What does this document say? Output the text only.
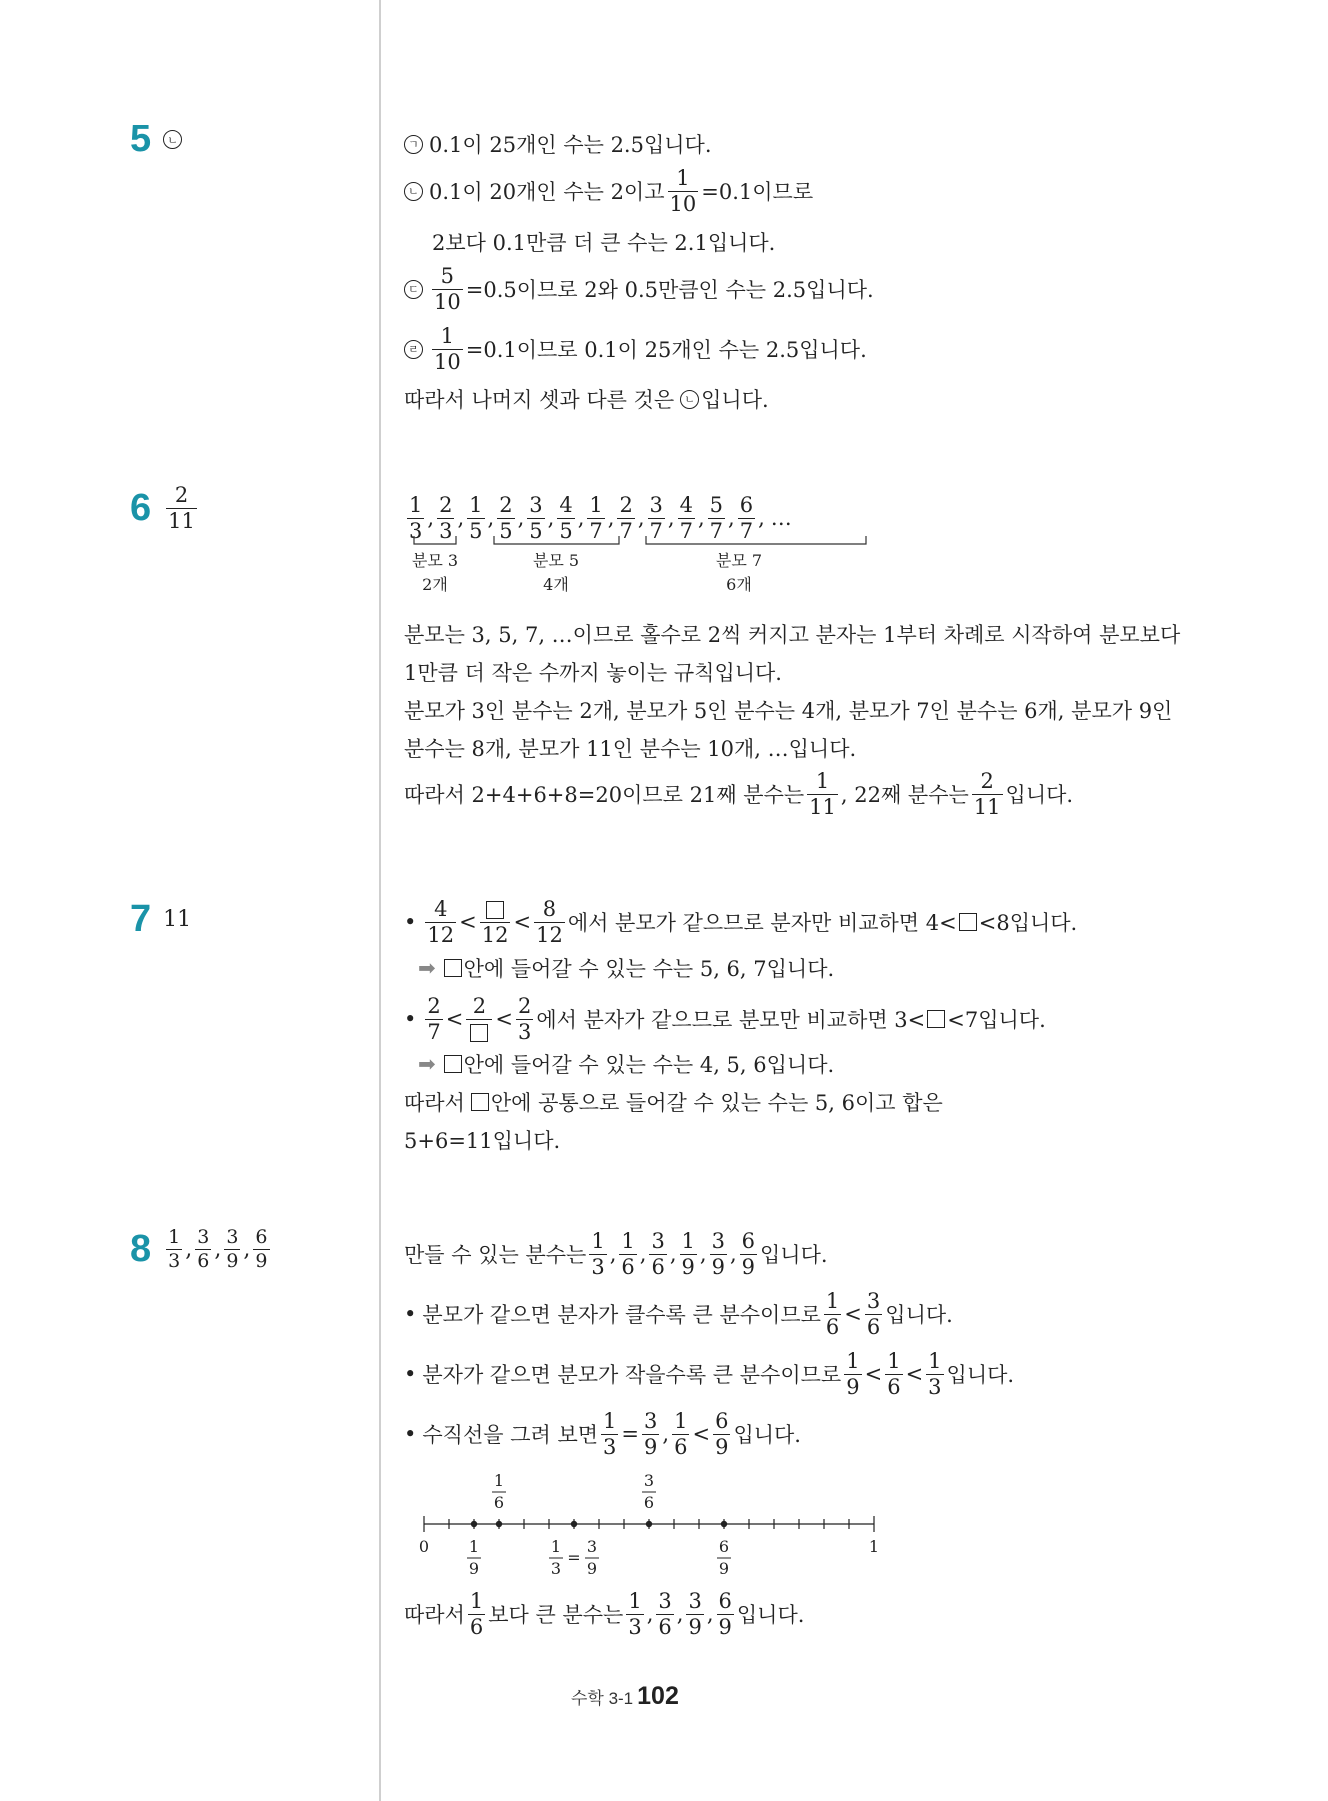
5	ㄴ	ㄱ 0.1이 25개인 수는 2.5입니다.
ㄴ 0.1이 20개인 수는 2이고 $\frac{1}{10} =0.1$이므로
2보다 0.1만큼 더 큰 수는 2.1입니다.
ㄷ $\frac{5}{10} =0.5$이므로 2와 0.5만큼인 수는 2.5입니다.
ㄹ $\frac{1}{10} =0.1$이므로 0.1이 25개인 수는 2.5입니다.
따라서 나머지 셋과 다른 것은 ㄴ 입니다.
$6 \frac{2}{11}$	$\frac{1}{3}$ , $\frac{2}{3}$ , $\frac{1}{5}$ , $\frac{2}{5}$ , $\frac{3}{5}$ , $\frac{4}{5}$ , $\frac{1}{7}$ , $\frac{2}{7}$ , $\frac{3}{7}$ , $\frac{4}{7}$ , $\frac{5}{7}$ , $\frac{6}{7}$ , …
분모 3
2개
분모 5
4개
분모 7
6개
분모는 3, 5, 7, …이므로 홀수로 2씩 커지고 분자는 1부터 차례로 시작하여 분모보다
1만큼 더 작은 수까지 놓이는 규칙입니다.
분모가 3인 분수는 2개, 분모가 5인 분수는 4개, 분모가 7인 분수는 6개, 분모가 9인
분수는 8개, 분모가 11인 분수는 10개, …입니다.
따라서 2+4+6+8=20이므로 21째 분수는 $\frac{1}{11}$ , 22째 분수는 $\frac{2}{11}$ 입니다.
7 11	• $\frac{4}{12}$ <
12
< $\frac{8}{12}$ 에서 분모가 같으므로 분자만 비교하면 4< <8입니다.
➡ 안에 들어갈 수 있는 수는 5, 6, 7입니다.
• $\frac{2}{7}$ <
2
< $\frac{2}{3}$ 에서 분자가 같으므로 분모만 비교하면 3< <7입니다.
➡ 안에 들어갈 수 있는 수는 4, 5, 6입니다.
따라서 안에 공통으로 들어갈 수 있는 수는 5, 6이고 합은
5+6=11입니다.
$8 \frac{1}{3}$ , $\frac{3}{6}$ , $\frac{3}{9}$ , $\frac{6}{9}$	만들 수 있는 분수는 $\frac{1}{3}$ , $\frac{1}{6}$ , $\frac{3}{6}$ , $\frac{1}{9}$ , $\frac{3}{9}$ , $\frac{6}{9}$ 입니다.
• 분모가 같으면 분자가 클수록 큰 분수이므로 $\frac{1}{6} < \frac{3}{6}$ 입니다.
• 분자가 같으면 분모가 작을수록 큰 분수이므로 $\frac{1}{9} < \frac{1}{6} < \frac{1}{3}$ 입니다.
• 수직선을 그려 보면 $\frac{1}{3} = \frac{3}{9}$ , $\frac{1}{6} < \frac{6}{9}$ 입니다.
1
6
3
6
0	1
1
9
1
3
=
3
9
6
9
따라서 $\frac{1}{6}$ 보다 큰 분수는 $\frac{1}{3}$ , $\frac{3}{6}$ , $\frac{3}{9}$ , $\frac{6}{9}$ 입니다.
수학 3-1 102
